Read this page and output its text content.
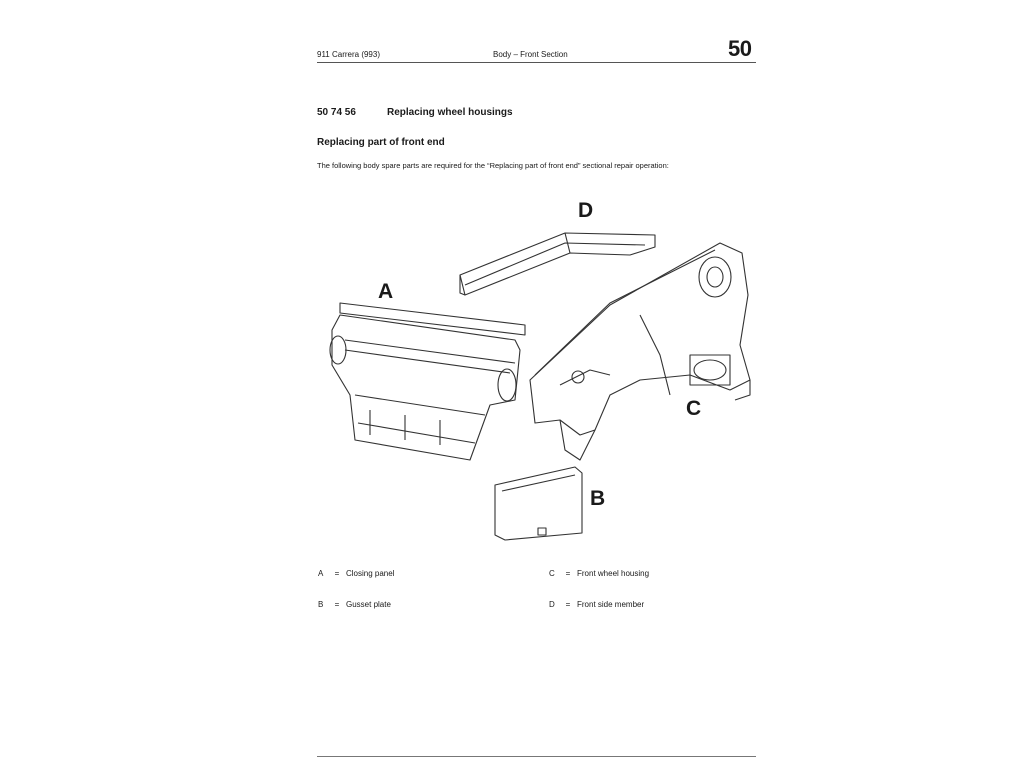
911 Carrera (993)	Body – Front Section	50
50 74 56	Replacing wheel housings
Replacing part of front end
The following body spare parts are required for the “Replacing part of front end” sectional repair operation:
D
A
C
B
A = Closing panel
B = Gusset plate
C = Front wheel housing
D = Front side member
